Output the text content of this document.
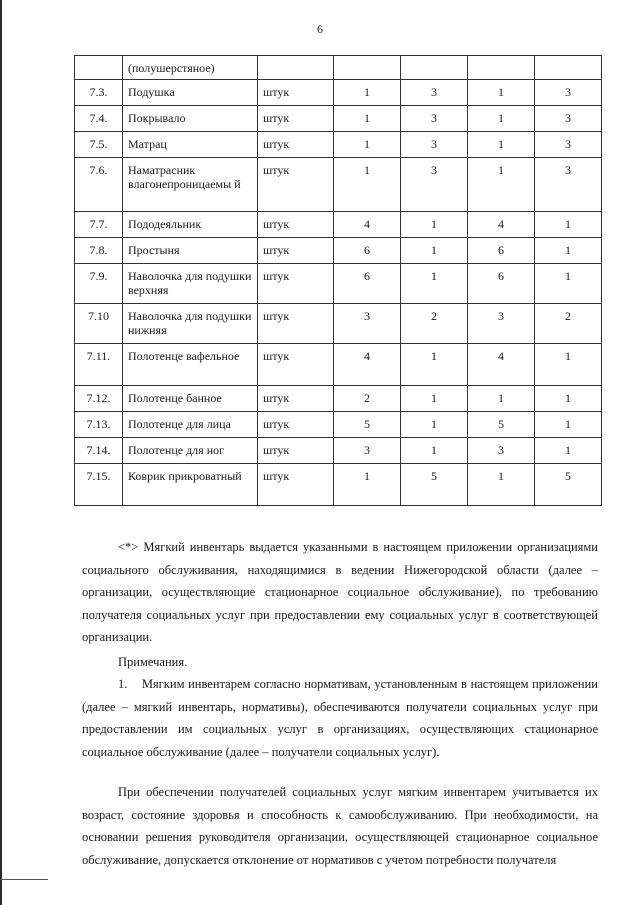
6
	(полушерстяное)					
7.3.	Подушка	штук	1	3	1	3
7.4.	Покрывало	штук	1	3	1	3
7.5.	Матрац	штук	1	3	1	3
7.6.	Наматрасник влагонепроницаемы й	штук	1	3	1	3
7.7.	Пододеяльник	штук	4	1	4	1
7.8.	Простыня	штук	6	1	6	1
7.9.	Наволочка для подушки верхняя	штук	6	1	6	1
7.10	Наволочка для подушки нижняя	штук	3	2	3	2
7.11.	Полотенце вафельное	штук	4	1	4	1
7.12.	Полотенце банное	штук	2	1	1	1
7.13.	Полотенце для лица	штук	5	1	5	1
7.14.	Полотенце для ног	штук	3	1	3	1
7.15.	Коврик прикроватный	штук	1	5	1	5

<*> Мягкий инвентарь выдается указанными в настоящем приложении организациями социального обслуживания, находящимися в ведении Нижегородской области (далее – организации, осуществляющие стационарное социальное обслуживание), по требованию получателя социальных услуг при предоставлении ему социальных услуг в соответствующей организации.

Примечания.

1.    Мягким инвентарем согласно нормативам, установленным в настоящем приложении (далее – мягкий инвентарь, нормативы), обеспечиваются получатели социальных услуг при предоставлении им социальных услуг в организациях, осуществляющих стационарное социальное обслуживание (далее – получатели социальных услуг).

При обеспечении получателей социальных услуг мягким инвентарем учитывается их возраст, состояние здоровья и способность к самообслуживанию. При необходимости, на основании решения руководителя организации, осуществляющей стационарное социальное обслуживание, допускается отклонение от нормативов с учетом потребности получателя
